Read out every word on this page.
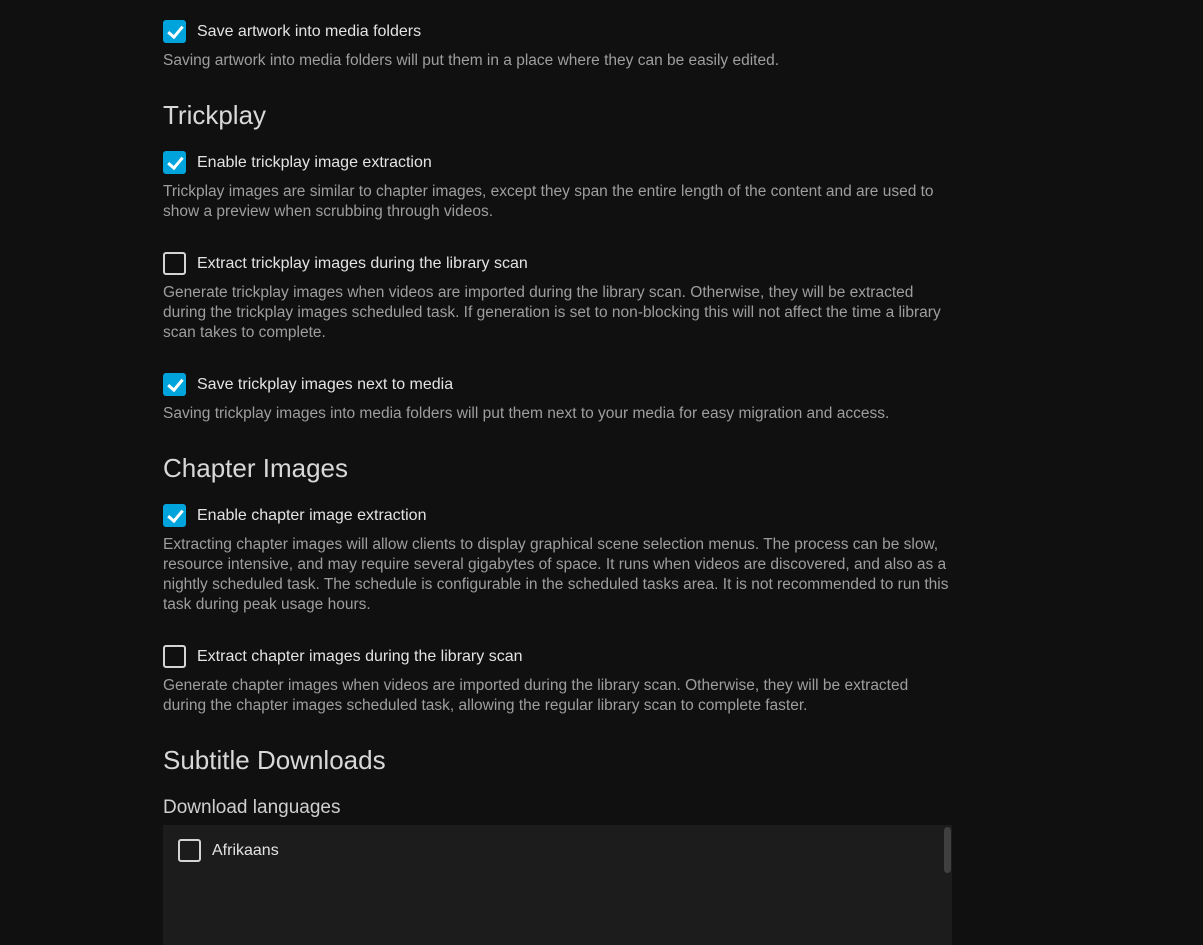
Save artwork into media folders
Saving artwork into media folders will put them in a place where they can be easily edited.
Trickplay
Enable trickplay image extraction
Trickplay images are similar to chapter images, except they span the entire length of the content and are used to show a preview when scrubbing through videos.
Extract trickplay images during the library scan
Generate trickplay images when videos are imported during the library scan. Otherwise, they will be extracted during the trickplay images scheduled task. If generation is set to non-blocking this will not affect the time a library scan takes to complete.
Save trickplay images next to media
Saving trickplay images into media folders will put them next to your media for easy migration and access.
Chapter Images
Enable chapter image extraction
Extracting chapter images will allow clients to display graphical scene selection menus. The process can be slow, resource intensive, and may require several gigabytes of space. It runs when videos are discovered, and also as a nightly scheduled task. The schedule is configurable in the scheduled tasks area. It is not recommended to run this task during peak usage hours.
Extract chapter images during the library scan
Generate chapter images when videos are imported during the library scan. Otherwise, they will be extracted during the chapter images scheduled task, allowing the regular library scan to complete faster.
Subtitle Downloads
Download languages
Afrikaans
